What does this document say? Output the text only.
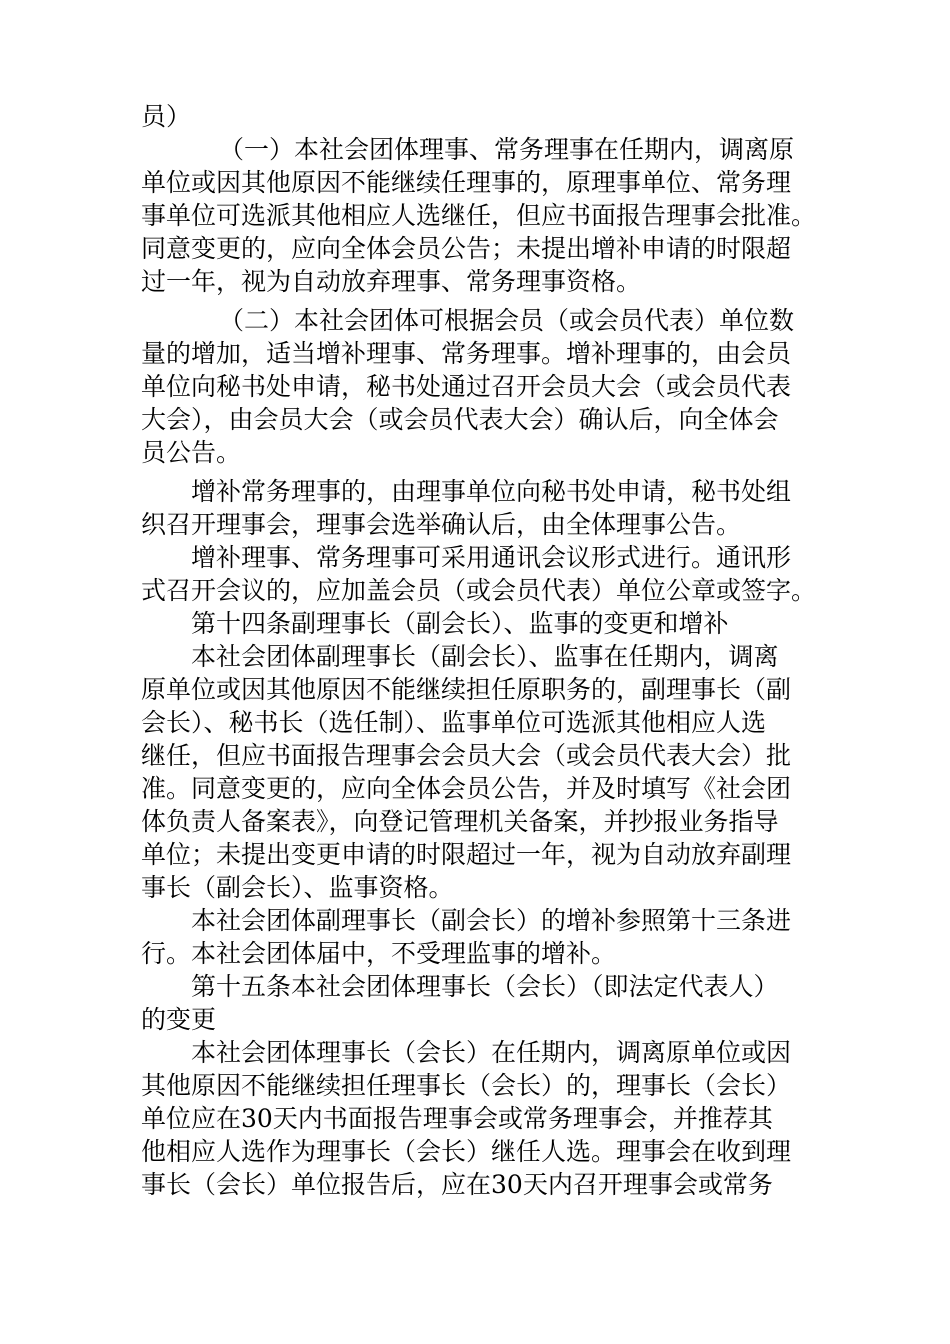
员）

（一）本社会团体理事、常务理事在任期内，调离原
单位或因其他原因不能继续任理事的，原理事单位、常务理
事单位可选派其他相应人选继任，但应书面报告理事会批准。
同意变更的，应向全体会员公告；未提出增补申请的时限超
过一年，视为自动放弃理事、常务理事资格。

（二）本社会团体可根据会员（或会员代表）单位数
量的增加，适当增补理事、常务理事。增补理事的，由会员
单位向秘书处申请，秘书处通过召开会员大会（或会员代表
大会），由会员大会（或会员代表大会）确认后，向全体会
员公告。

增补常务理事的，由理事单位向秘书处申请，秘书处组
织召开理事会，理事会选举确认后，由全体理事公告。

增补理事、常务理事可采用通讯会议形式进行。通讯形
式召开会议的，应加盖会员（或会员代表）单位公章或签字。

第十四条副理事长（副会长）、监事的变更和增补

本社会团体副理事长（副会长）、监事在任期内，调离
原单位或因其他原因不能继续担任原职务的，副理事长（副
会长）、秘书长（选任制）、监事单位可选派其他相应人选
继任，但应书面报告理事会会员大会（或会员代表大会）批
准。同意变更的，应向全体会员公告，并及时填写《社会团
体负责人备案表》，向登记管理机关备案，并抄报业务指导
单位；未提出变更申请的时限超过一年，视为自动放弃副理
事长（副会长）、监事资格。

本社会团体副理事长（副会长）的增补参照第十三条进
行。本社会团体届中，不受理监事的增补。

第十五条本社会团体理事长（会长）（即法定代表人）
的变更

本社会团体理事长（会长）在任期内，调离原单位或因
其他原因不能继续担任理事长（会长）的，理事长（会长）
单位应在30天内书面报告理事会或常务理事会，并推荐其
他相应人选作为理事长（会长）继任人选。理事会在收到理
事长（会长）单位报告后，应在30天内召开理事会或常务
